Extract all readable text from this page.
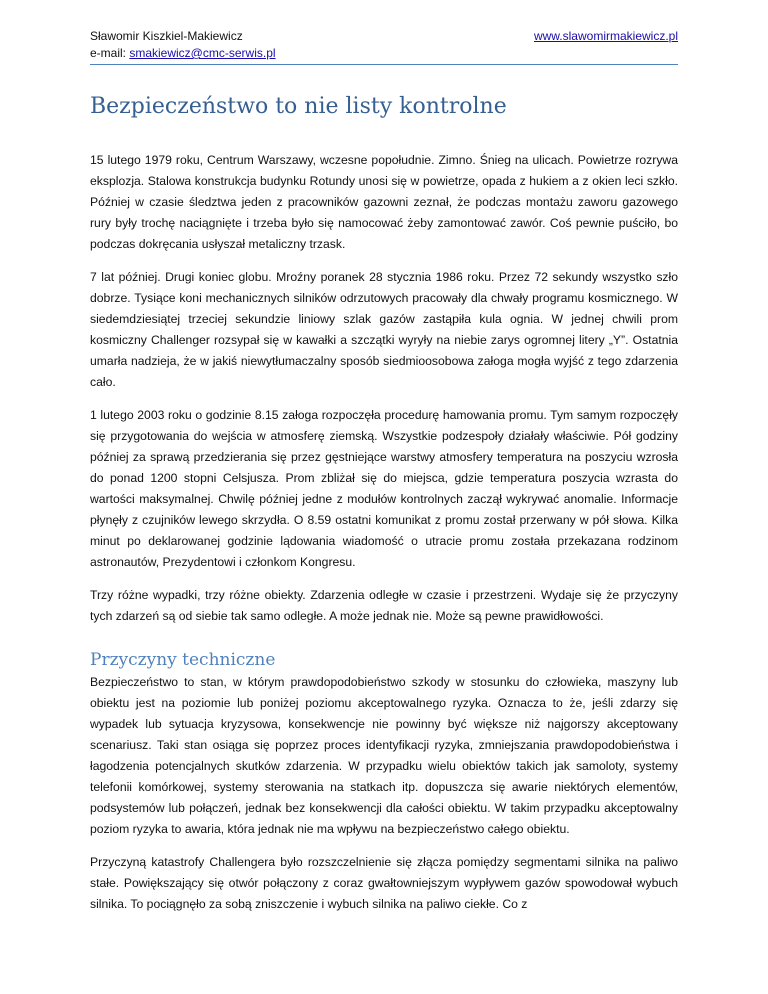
Sławomir Kiszkiel-Makiewicz
e-mail: smakiewicz@cmc-serwis.pl
www.slawomirmakiewicz.pl
Bezpieczeństwo to nie listy kontrolne

15 lutego 1979 roku, Centrum Warszawy, wczesne popołudnie. Zimno. Śnieg na ulicach. Powietrze rozrywa eksplozja. Stalowa konstrukcja budynku Rotundy unosi się w powietrze, opada z hukiem a z okien leci szkło. Później w czasie śledztwa jeden z pracowników gazowni zeznał, że podczas montażu zaworu gazowego rury były trochę naciągnięte i trzeba było się namocować żeby zamontować zawór. Coś pewnie puściło, bo podczas dokręcania usłyszał metaliczny trzask.

7 lat później. Drugi koniec globu. Mroźny poranek 28 stycznia 1986 roku. Przez 72 sekundy wszystko szło dobrze. Tysiące koni mechanicznych silników odrzutowych pracowały dla chwały programu kosmicznego. W siedemdziesiątej trzeciej sekundzie liniowy szlak gazów zastąpiła kula ognia. W jednej chwili prom kosmiczny Challenger rozsypał się w kawałki a szczątki wyryły na niebie zarys ogromnej litery „Y”. Ostatnia umarła nadzieja, że w jakiś niewytłumaczalny sposób siedmioosobowa załoga mogła wyjść z tego zdarzenia cało.

1 lutego 2003 roku o godzinie 8.15 załoga rozpoczęła procedurę hamowania promu. Tym samym rozpoczęły się przygotowania do wejścia w atmosferę ziemską. Wszystkie podzespoły działały właściwie. Pół godziny później za sprawą przedzierania się przez gęstniejące warstwy atmosfery temperatura na poszyciu wzrosła do ponad 1200 stopni Celsjusza. Prom zbliżał się do miejsca, gdzie temperatura poszycia wzrasta do wartości maksymalnej. Chwilę później jedne z modułów kontrolnych zaczął wykrywać anomalie. Informacje płynęły z czujników lewego skrzydła. O 8.59 ostatni komunikat z promu został przerwany w pół słowa. Kilka minut po deklarowanej godzinie lądowania wiadomość o utracie promu została przekazana rodzinom astronautów, Prezydentowi i członkom Kongresu.

Trzy różne wypadki, trzy różne obiekty. Zdarzenia odległe w czasie i przestrzeni. Wydaje się że przyczyny tych zdarzeń są od siebie tak samo odległe. A może jednak nie. Może są pewne prawidłowości.

Przyczyny techniczne

Bezpieczeństwo to stan, w którym prawdopodobieństwo szkody w stosunku do człowieka, maszyny lub obiektu jest na poziomie lub poniżej poziomu akceptowalnego ryzyka. Oznacza to że, jeśli zdarzy się wypadek lub sytuacja kryzysowa, konsekwencje nie powinny być większe niż najgorszy akceptowany scenariusz. Taki stan osiąga się poprzez proces identyfikacji ryzyka, zmniejszania prawdopodobieństwa i łagodzenia potencjalnych skutków zdarzenia. W przypadku wielu obiektów takich jak samoloty, systemy telefonii komórkowej, systemy sterowania na statkach itp. dopuszcza się awarie niektórych elementów, podsystemów lub połączeń, jednak bez konsekwencji dla całości obiektu. W takim przypadku akceptowalny poziom ryzyka to awaria, która jednak nie ma wpływu na bezpieczeństwo całego obiektu.

Przyczyną katastrofy Challengera było rozszczelnienie się złącza pomiędzy segmentami silnika na paliwo stałe. Powiększający się otwór połączony z coraz gwałtowniejszym wypływem gazów spowodował wybuch silnika. To pociągnęło za sobą zniszczenie i wybuch silnika na paliwo ciekłe. Co z
